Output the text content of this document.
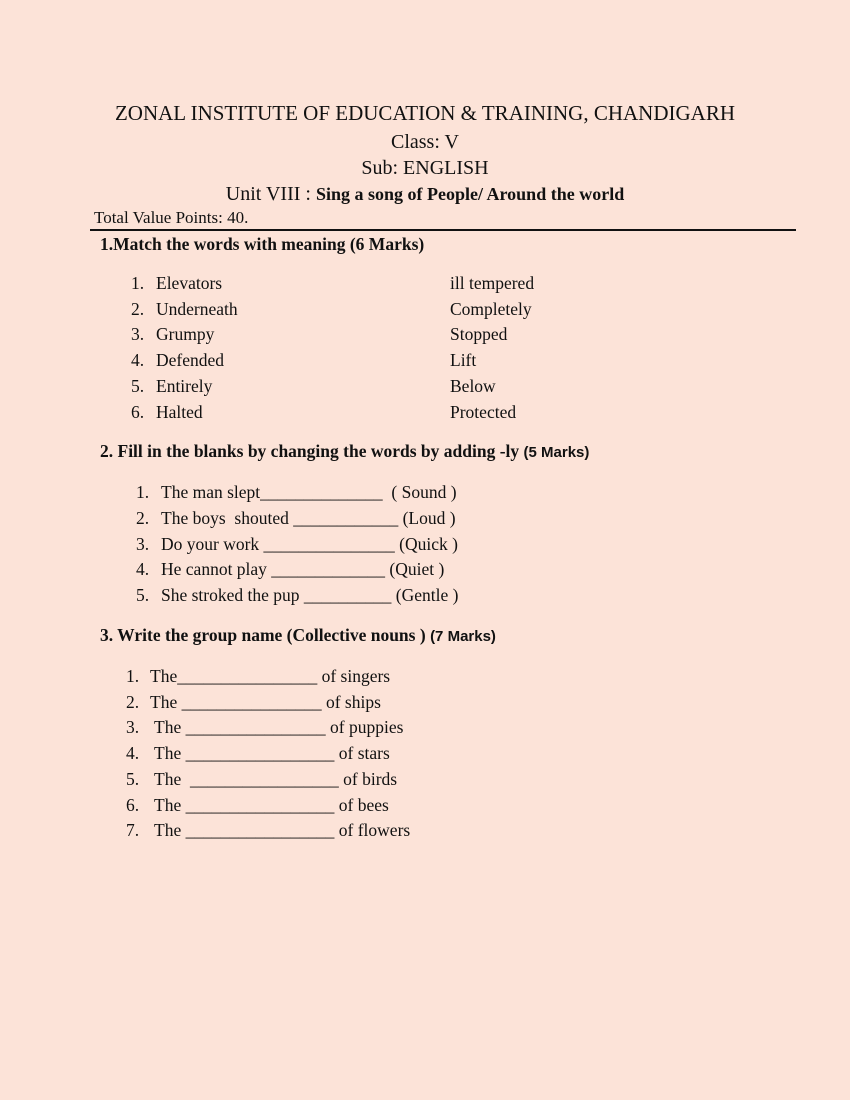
ZONAL INSTITUTE OF EDUCATION & TRAINING, CHANDIGARH
Class: V
Sub: ENGLISH
Unit VIII : Sing a song of People/ Around the world
Total Value Points: 40.
1.Match the words with meaning (6 Marks)
1. Elevators	ill tempered
2. Underneath	Completely
3. Grumpy	Stopped
4. Defended	Lift
5. Entirely	Below
6. Halted	Protected
2. Fill in the blanks by changing the words by adding -ly (5 Marks)
1. The man slept______________  ( Sound )
2. The boys  shouted ____________ (Loud )
3. Do your work _______________ (Quick )
4. He cannot play _____________ (Quiet )
5. She stroked the pup __________ (Gentle )
3. Write the group name (Collective nouns ) (7 Marks)
1. The________________ of singers
2. The ________________ of ships
3. The ________________ of puppies
4. The _________________ of stars
5. The  _________________ of birds
6. The _________________ of bees
7. The _________________ of flowers
